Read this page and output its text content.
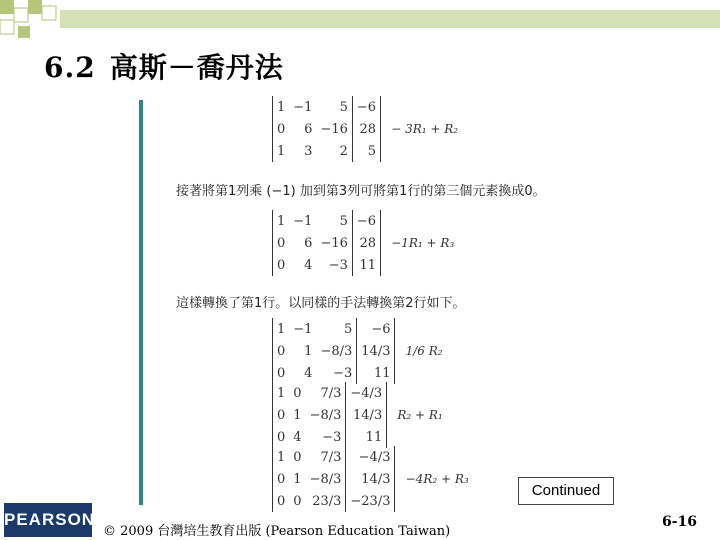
6.2 高斯－喬丹法
1	−1	5	−6
0	6	−16	28
1	3	2	5 − 3R₁ + R₂
接著將第1列乘 (−1) 加到第3列可將第1行的第三個元素換成0。
1	−1	5	−6
0	6	−16	28
0	4	−3	11 −1R₁ + R₃
這樣轉換了第1行。以同樣的手法轉換第2行如下。
1	−1	5	−6
0	1	−8/3	14/3
0	4	−3	11 1/6 R₂
1	0	7/3	−4/3
0	1	−8/3	14/3
0	4	−3	11 R₂ + R₁
1	0	7/3	−4/3
0	1	−8/3	14/3
0	0	23/3	−23/3 −4R₂ + R₃
Continued
PEARSON
© 2009 台灣培生教育出版 (Pearson Education Taiwan)
6-16
